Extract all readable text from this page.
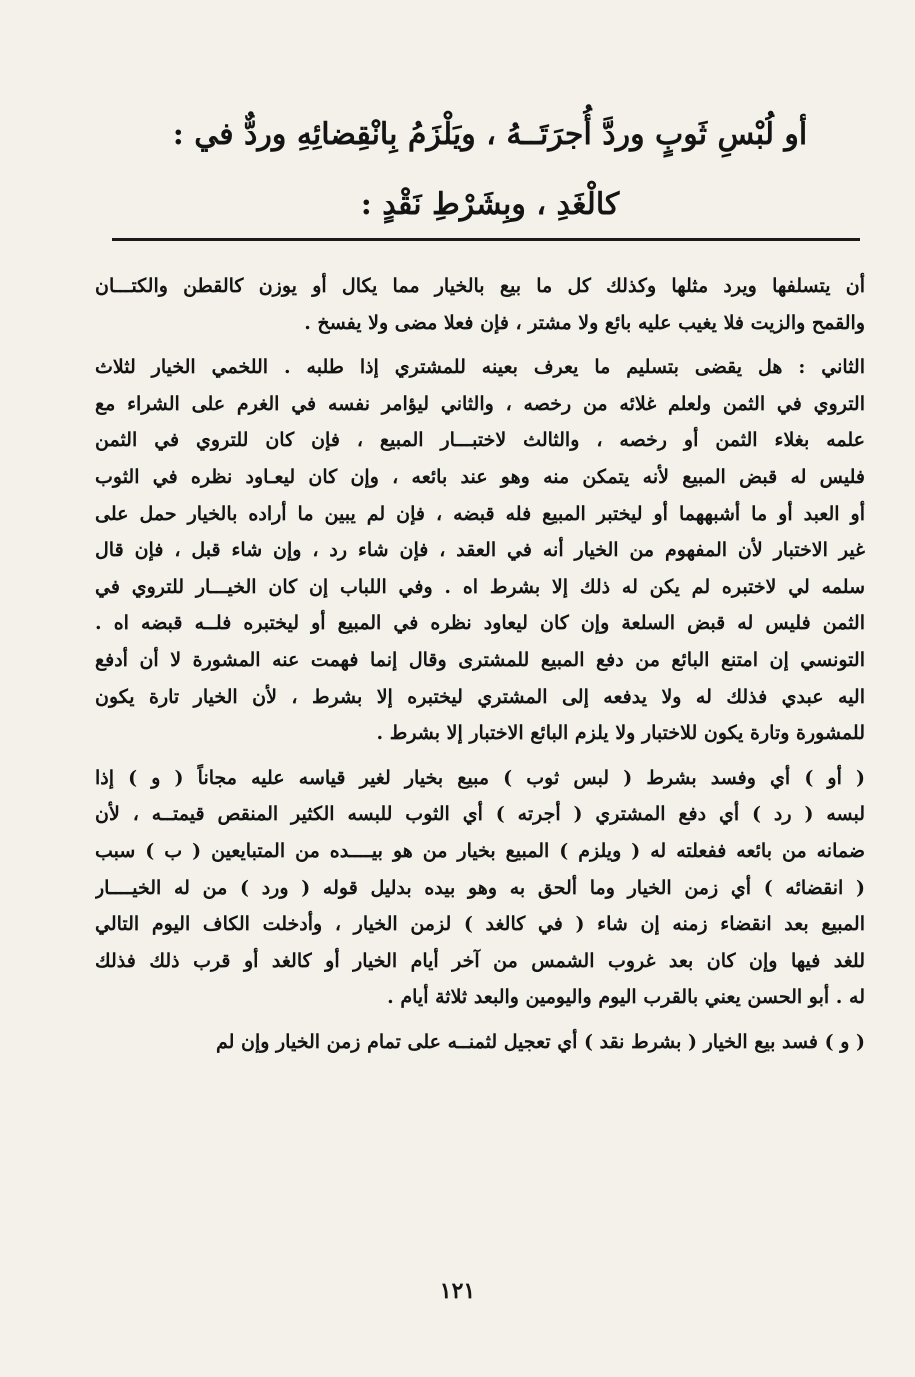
أو لُبْسِ ثَوبٍ وردَّ أُجرَتَــهُ ، ويَلْزَمُ بِانْقِضائِهِ وردٌّ في :
كالْغَدِ ، وبِشَرْطِ نَقْدٍ :
أن يتسلفها ويرد مثلها وكذلك كل ما بيع بالخيار مما يكال أو يوزن كالقطن والكتـــان
والقمح والزيت فلا يغيب عليه بائع ولا مشتر ، فإن فعلا مضى ولا يفسخ .
الثاني : هل يقضى بتسليم ما يعرف بعينه للمشتري إذا طلبه . اللخمي الخيار لثلاث
التروي في الثمن ولعلم غلائه من رخصه ، والثاني ليؤامر نفسه في الغرم على الشراء مع
علمه بغلاء الثمن أو رخصه ، والثالث لاختبـــار المبيع ، فإن كان للتروي في الثمن
فليس له قبض المبيع لأنه يتمكن منه وهو عند بائعه ، وإن كان ليعـاود نظره في الثوب
أو العبد أو ما أشبههما أو ليختبر المبيع فله قبضه ، فإن لم يبين ما أراده بالخيار حمل على
غير الاختبار لأن المفهوم من الخيار أنه في العقد ، فإن شاء رد ، وإن شاء قبل ، فإن قال
سلمه لي لاختبره لم يكن له ذلك إلا بشرط اه . وفي اللباب إن كان الخيـــار للتروي في
الثمن فليس له قبض السلعة وإن كان ليعاود نظره في المبيع أو ليختبره فلــه قبضه اه .
التونسي إن امتنع البائع من دفع المبيع للمشترى وقال إنما فهمت عنه المشورة لا أن أدفع
اليه عبدي فذلك له ولا يدفعه إلى المشتري ليختبره إلا بشرط ، لأن الخيار تارة يكون
للمشورة وتارة يكون للاختبار ولا يلزم البائع الاختبار إلا بشرط .
( أو ) أي وفسد بشرط ( لبس ثوب ) مبيع بخيار لغير قياسه عليه مجاناً ( و ) إذا
لبسه ( رد ) أي دفع المشتري ( أجرته ) أي الثوب للبسه الكثير المنقص قيمتــه ، لأن
ضمانه من بائعه ففعلته له ( ويلزم ) المبيع بخيار من هو بيــــده من المتبايعين ( ب ) سبب
( انقضائه ) أي زمن الخيار وما ألحق به وهو بيده بدليل قوله ( ورد ) من له الخيــــار
المبيع بعد انقضاء زمنه إن شاء ( في كالغد ) لزمن الخيار ، وأدخلت الكاف اليوم التالي
للغد فيها وإن كان بعد غروب الشمس من آخر أيام الخيار أو كالغد أو قرب ذلك فذلك
له . أبو الحسن يعني بالقرب اليوم واليومين والبعد ثلاثة أيام .
( و ) فسد بيع الخيار ( بشرط نقد ) أي تعجيل لثمنــه على تمام زمن الخيار وإن لم
١٢١
